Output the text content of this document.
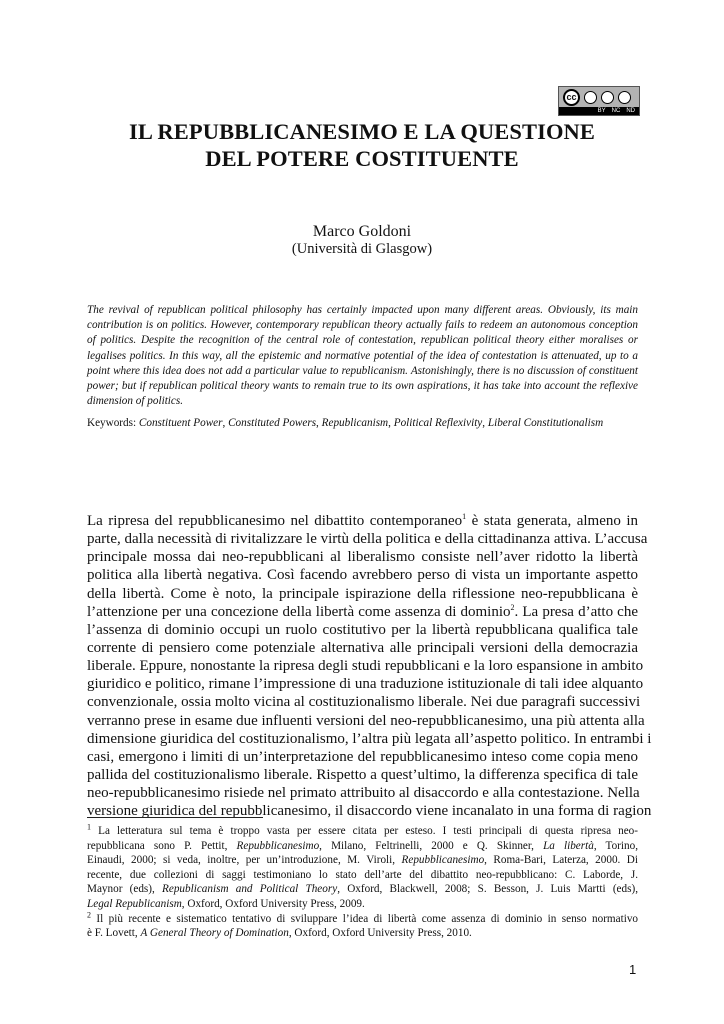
cc
BY NC ND
IL REPUBBLICANESIMO E LA QUESTIONE
DEL POTERE COSTITUENTE
Marco Goldoni
(Università di Glasgow)
The revival of republican political philosophy has certainly impacted upon many different areas. Obviously, its main contribution is on politics. However, contemporary republican theory actually fails to redeem an autonomous conception of politics. Despite the recognition of the central role of contestation, republican political theory either moralises or legalises politics. In this way, all the epistemic and normative potential of the idea of contestation is attenuated, up to a point where this idea does not add a particular value to republicanism. Astonishingly, there is no discussion of constituent power; but if republican political theory wants to remain true to its own aspirations, it has take into account the reflexive dimension of politics.
Keywords: Constituent Power, Constituted Powers, Republicanism, Political Reflexivity, Liberal Constitutionalism
La ripresa del repubblicanesimo nel dibattito contemporaneo$^1$ è stata generata, almeno in
parte, dalla necessità di rivitalizzare le virtù della politica e della cittadinanza attiva. L’accusa
principale mossa dai neo-repubblicani al liberalismo consiste nell’aver ridotto la libertà
politica alla libertà negativa. Così facendo avrebbero perso di vista un importante aspetto
della libertà. Come è noto, la principale ispirazione della riflessione neo-repubblicana è
l’attenzione per una concezione della libertà come assenza di dominio$^2$. La presa d’atto che
l’assenza di dominio occupi un ruolo costitutivo per la libertà repubblicana qualifica tale
corrente di pensiero come potenziale alternativa alle principali versioni della democrazia
liberale. Eppure, nonostante la ripresa degli studi repubblicani e la loro espansione in ambito
giuridico e politico, rimane l’impressione di una traduzione istituzionale di tali idee alquanto
convenzionale, ossia molto vicina al costituzionalismo liberale. Nei due paragrafi successivi
verranno prese in esame due influenti versioni del neo-repubblicanesimo, una più attenta alla
dimensione giuridica del costituzionalismo, l’altra più legata all’aspetto politico. In entrambi i
casi, emergono i limiti di un’interpretazione del repubblicanesimo inteso come copia meno
pallida del costituzionalismo liberale. Rispetto a quest’ultimo, la differenza specifica di tale
neo-repubblicanesimo risiede nel primato attribuito al disaccordo e alla contestazione. Nella
versione giuridica del repubblicanesimo, il disaccordo viene incanalato in una forma di ragion
$^1$ La letteratura sul tema è troppo vasta per essere citata per esteso. I testi principali di questa ripresa neo-
repubblicana sono P. Pettit, Repubblicanesimo, Milano, Feltrinelli, 2000 e Q. Skinner, La libertà, Torino,
Einaudi, 2000; si veda, inoltre, per un’introduzione, M. Viroli, Repubblicanesimo, Roma-Bari, Laterza, 2000. Di
recente, due collezioni di saggi testimoniano lo stato dell’arte del dibattito neo-repubblicano: C. Laborde, J.
Maynor (eds), Republicanism and Political Theory, Oxford, Blackwell, 2008; S. Besson, J. Luis Martti (eds),
Legal Republicanism, Oxford, Oxford University Press, 2009.
$^2$ Il più recente e sistematico tentativo di sviluppare l’idea di libertà come assenza di dominio in senso normativo
è F. Lovett, A General Theory of Domination, Oxford, Oxford University Press, 2010.
1
